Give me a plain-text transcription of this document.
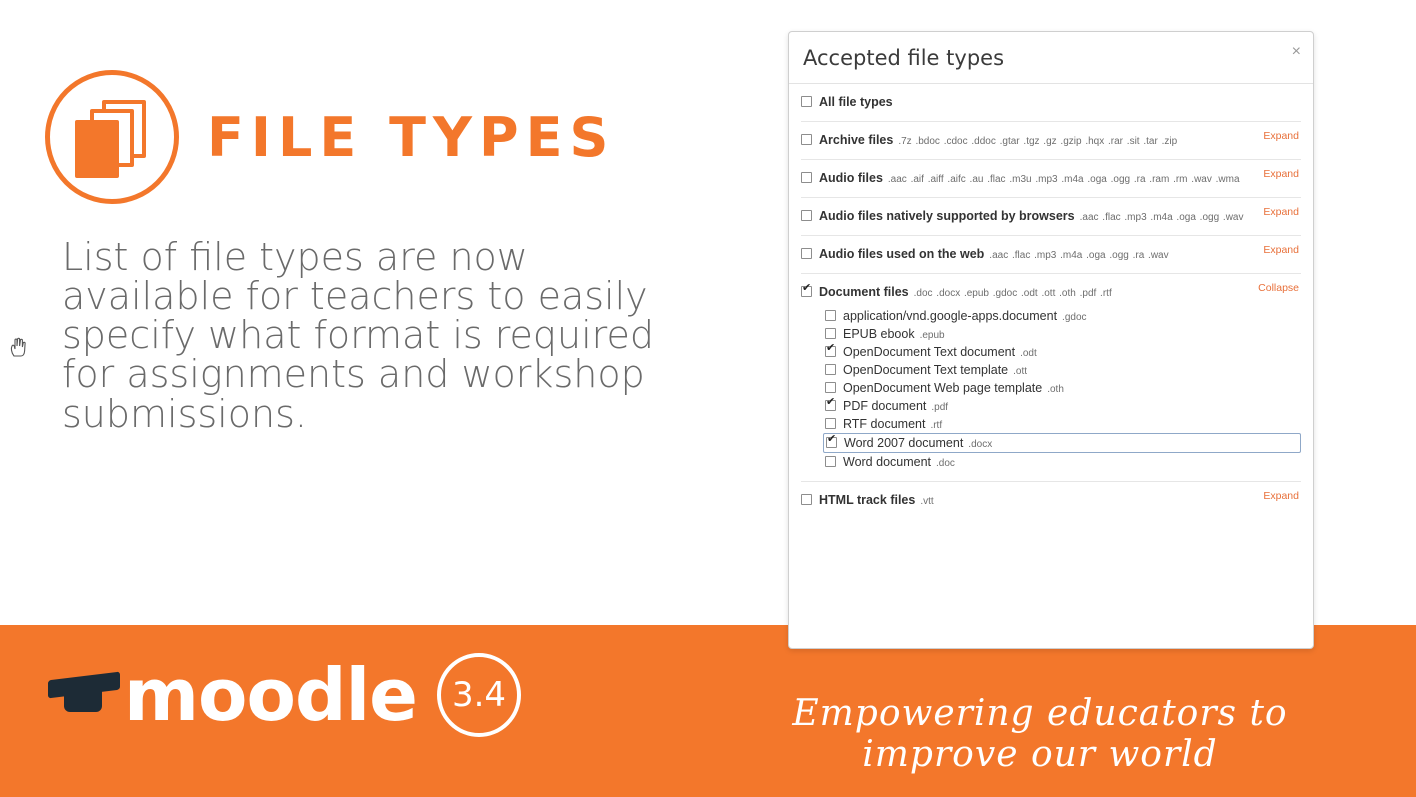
FILE TYPES
List of file types are now available for teachers to easily specify what format is required for assignments and workshop submissions.
moodle	3.4	Empowering educators to improve our world
Accepted file types	×
All file types
Archive files .7z .bdoc .cdoc .ddoc .gtar .tgz .gz .gzip .hqx .rar .sit .tar .zip	Expand
Audio files .aac .aif .aiff .aifc .au .flac .m3u .mp3 .m4a .oga .ogg .ra .ram .rm .wav .wma Expand
Audio files natively supported by browsers .aac .flac .mp3 .m4a .oga .ogg .wav Expand
Audio files used on the web .aac .flac .mp3 .m4a .oga .ogg .ra .wav	Expand
✔
Document files .doc .docx .epub .gdoc .odt .ott .oth .pdf .rtf	Collapse
application/vnd.google-apps.document .gdoc
EPUB ebook .epub
✔
OpenDocument Text document .odt
OpenDocument Text template .ott
OpenDocument Web page template .oth
✔
PDF document .pdf
RTF document .rtf
✔
Word 2007 document .docx
Word document .doc
HTML track files .vtt	Expand
